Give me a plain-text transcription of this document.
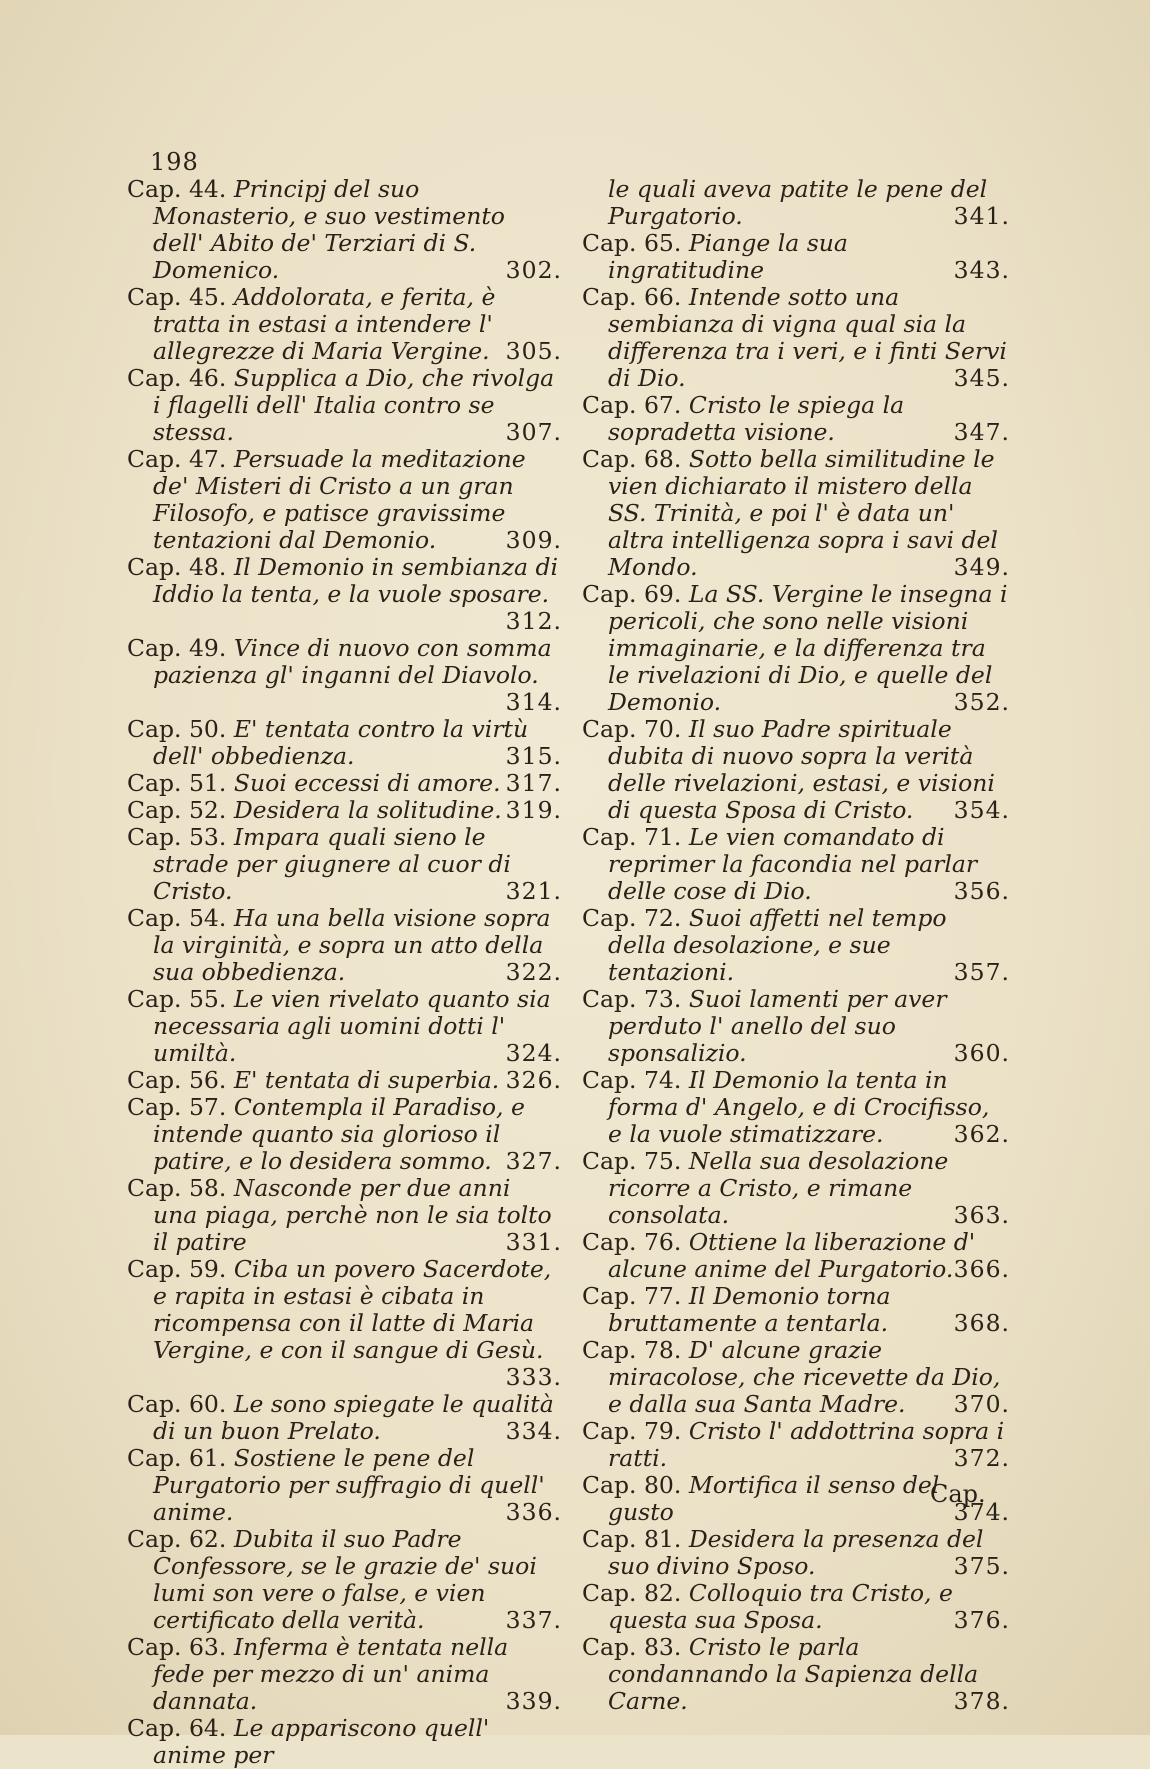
198

Cap. 44. Principj del suo Monasterio, e suo vestimento dell' Abito de' Terziari di S. Domenico.	302.

Cap. 45. Addolorata, e ferita, è tratta in estasi a intendere l' allegrezze di Maria Vergine. 305.

Cap. 46. Supplica a Dio, che rivolga i flagelli dell' Italia contro se stessa.	307.

Cap. 47. Persuade la meditazione de' Misteri di Cristo a un gran Filosofo, e patisce gravissime tentazioni dal Demonio.	309.

Cap. 48. Il Demonio in sembianza di Iddio la tenta, e la vuole sposare.
312.

Cap. 49. Vince di nuovo con somma pazienza gl' inganni del Diavolo.
314.

Cap. 50. E' tentata contro la virtù dell' obbedienza.	315.

Cap. 51. Suoi eccessi di amore. 317.

Cap. 52. Desidera la solitudine. 319.

Cap. 53. Impara quali sieno le strade per giugnere al cuor di Cristo.	321.

Cap. 54. Ha una bella visione sopra la virginità, e sopra un atto della sua obbedienza.	322.

Cap. 55. Le vien rivelato quanto sia necessaria agli uomini dotti l' umiltà.	324.

Cap. 56. E' tentata di superbia. 326.

Cap. 57. Contempla il Paradiso, e intende quanto sia glorioso il patire, e lo desidera sommo. 327.

Cap. 58. Nasconde per due anni una piaga, perchè non le sia tolto il patire	331.

Cap. 59. Ciba un povero Sacerdote, e rapita in estasi è cibata in ricompensa con il latte di Maria Vergine, e con il sangue di Gesù.
333.

Cap. 60. Le sono spiegate le qualità di un buon Prelato.	334.

Cap. 61. Sostiene le pene del Purgatorio per suffragio di quell' anime.	336.

Cap. 62. Dubita il suo Padre Confessore, se le grazie de' suoi lumi son vere o false, e vien certificato della verità.	337.

Cap. 63. Inferma è tentata nella fede per mezzo di un' anima dannata.	339.

Cap. 64. Le appariscono quell' anime per

le quali aveva patite le pene del Purgatorio.	341.

Cap. 65. Piange la sua ingratitudine	343.

Cap. 66. Intende sotto una sembianza di vigna qual sia la differenza tra i veri, e i finti Servi di Dio.	345.

Cap. 67. Cristo le spiega la sopradetta visione.	347.

Cap. 68. Sotto bella similitudine le vien dichiarato il mistero della SS. Trinità, e poi l' è data un' altra intelligenza sopra i savi del Mondo.	349.

Cap. 69. La SS. Vergine le insegna i pericoli, che sono nelle visioni immaginarie, e la differenza tra le rivelazioni di Dio, e quelle del Demonio.	352.

Cap. 70. Il suo Padre spirituale dubita di nuovo sopra la verità delle rivelazioni, estasi, e visioni di questa Sposa di Cristo. 354.

Cap. 71. Le vien comandato di reprimer la facondia nel parlar delle cose di Dio.	356.

Cap. 72. Suoi affetti nel tempo della desolazione, e sue tentazioni.	357.

Cap. 73. Suoi lamenti per aver perduto l' anello del suo sponsalizio.	360.

Cap. 74. Il Demonio la tenta in forma d' Angelo, e di Crocifisso, e la vuole stimatizzare.	362.

Cap. 75. Nella sua desolazione ricorre a Cristo, e rimane consolata.	363.

Cap. 76. Ottiene la liberazione d' alcune anime del Purgatorio. 366.

Cap. 77. Il Demonio torna bruttamente a tentarla.	368.

Cap. 78. D' alcune grazie miracolose, che ricevette da Dio, e dalla sua Santa Madre. 370.

Cap. 79. Cristo l' addottrina sopra i ratti.	372.

Cap. 80. Mortifica il senso del gusto	374.

Cap. 81. Desidera la presenza del suo divino Sposo.	375.

Cap. 82. Colloquio tra Cristo, e questa sua Sposa.	376.

Cap. 83. Cristo le parla condannando la Sapienza della Carne.	378.

Cap.
